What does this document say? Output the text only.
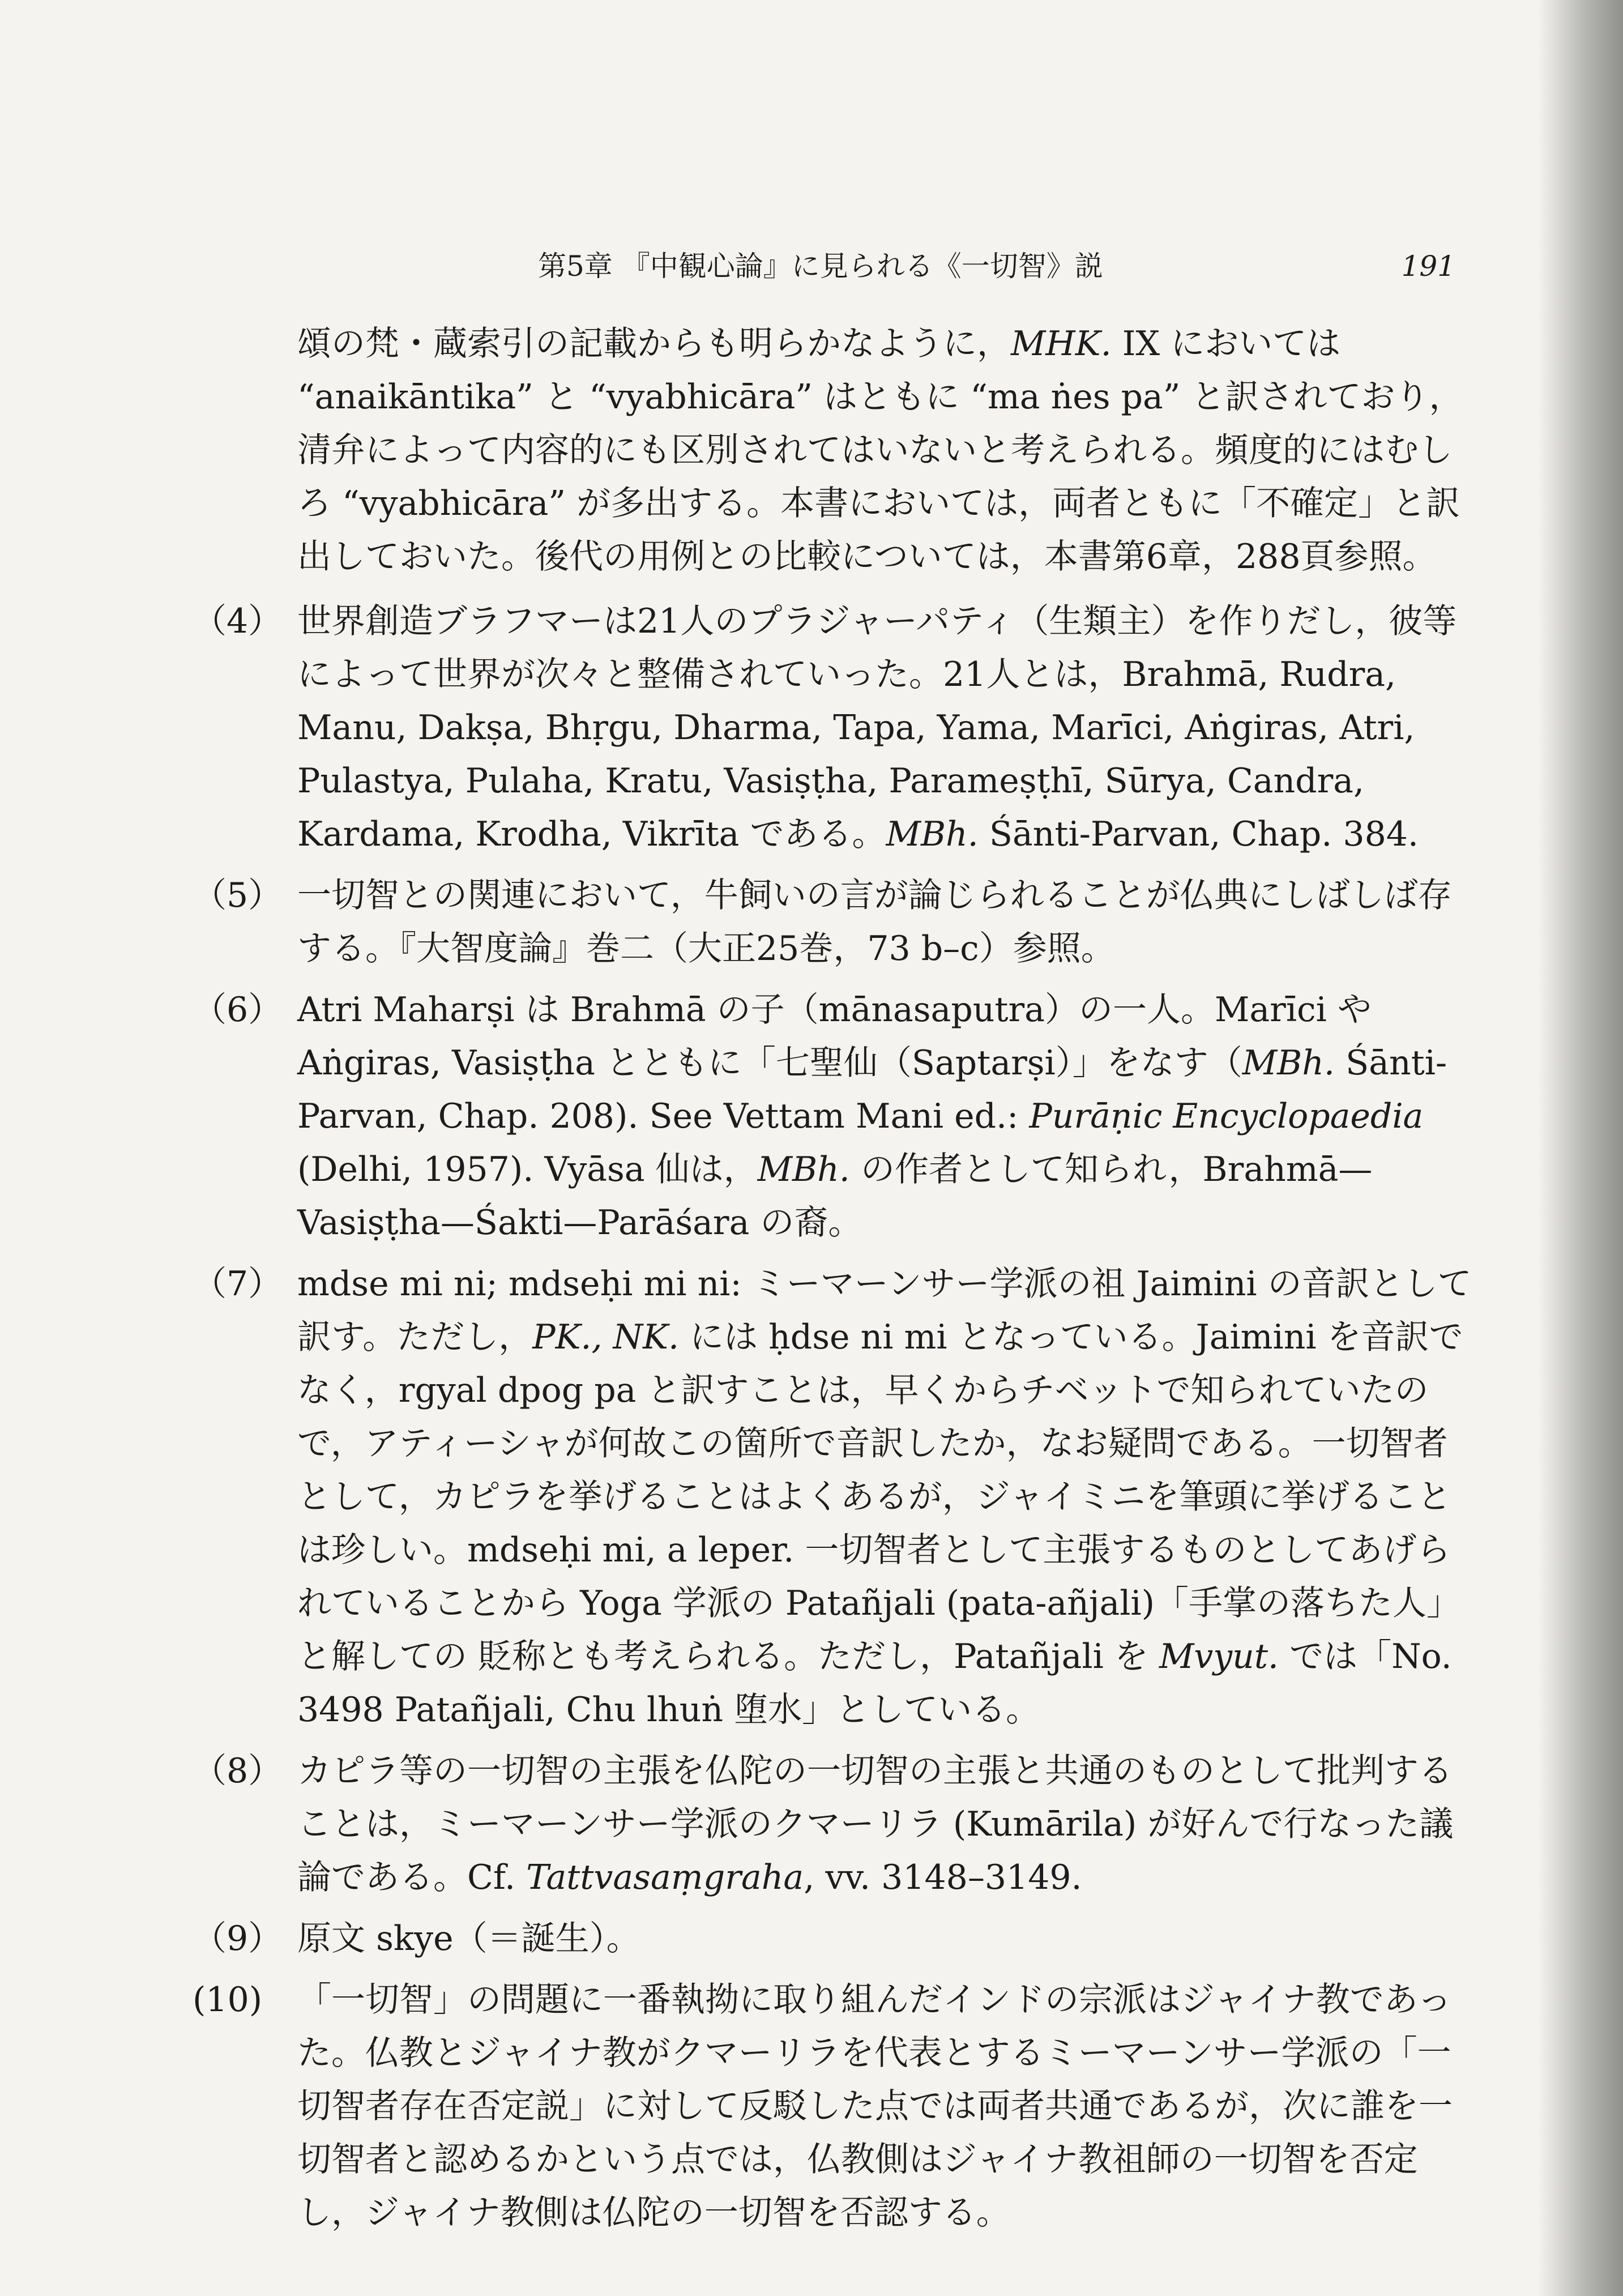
第5章 『中観心論』に見られる《一切智》説	191

頌の梵・蔵索引の記載からも明らかなように，MHK. IX においては “anaikāntika” と “vyabhicāra” はともに “ma ṅes pa” と訳されており，清弁によって内容的にも区別されてはいないと考えられる。頻度的にはむしろ “vyabhicāra” が多出する。本書においては，両者ともに「不確定」と訳出しておいた。後代の用例との比較については，本書第6章，288頁参照。

（4） 世界創造ブラフマーは21人のプラジャーパティ（生類主）を作りだし，彼等によって世界が次々と整備されていった。21人とは，Brahmā, Rudra, Manu, Dakṣa, Bhṛgu, Dharma, Tapa, Yama, Marīci, Aṅgiras, Atri, Pulastya, Pulaha, Kratu, Vasiṣṭha, Parameṣṭhī, Sūrya, Candra, Kardama, Krodha, Vikrīta である。MBh. Śānti-Parvan, Chap. 384.
（5） 一切智との関連において，牛飼いの言が論じられることが仏典にしばしば存する。『大智度論』巻二（大正25巻，73 b–c）参照。
（6） Atri Maharṣi は Brahmā の子（mānasaputra）の一人。Marīci や Aṅgiras, Vasiṣṭha とともに「七聖仙（Saptarṣi）」をなす（MBh. Śānti-Parvan, Chap. 208). See Vettam Mani ed.: Purāṇic Encyclopaedia (Delhi, 1957). Vyāsa 仙は，MBh. の作者として知られ，Brahmā—Vasiṣṭha—Śakti—Parāśara の裔。
（7） mdse mi ni; mdseḥi mi ni: ミーマーンサー学派の祖 Jaimini の音訳として訳す。ただし，PK., NK. には ḥdse ni mi となっている。Jaimini を音訳でなく，rgyal dpog pa と訳すことは，早くからチベットで知られていたので，アティーシャが何故この箇所で音訳したか，なお疑問である。一切智者として，カピラを挙げることはよくあるが，ジャイミニを筆頭に挙げることは珍しい。mdseḥi mi, a leper. 一切智者として主張するものとしてあげられていることから Yoga 学派の Patañjali (pata-añjali)「手掌の落ちた人」と解しての 貶称とも考えられる。ただし，Patañjali を Mvyut. では「No. 3498 Patañjali, Chu lhuṅ 堕水」としている。
（8） カピラ等の一切智の主張を仏陀の一切智の主張と共通のものとして批判することは，ミーマーンサー学派のクマーリラ (Kumārila) が好んで行なった議論である。Cf. Tattvasaṃgraha, vv. 3148–3149.
（9） 原文 skye（＝誕生）。
(10)	「一切智」の問題に一番執拗に取り組んだインドの宗派はジャイナ教であった。仏教とジャイナ教がクマーリラを代表とするミーマーンサー学派の「一切智者存在否定説」に対して反駁した点では両者共通であるが，次に誰を一切智者と認めるかという点では，仏教側はジャイナ教祖師の一切智を否定し，ジャイナ教側は仏陀の一切智を否認する。
